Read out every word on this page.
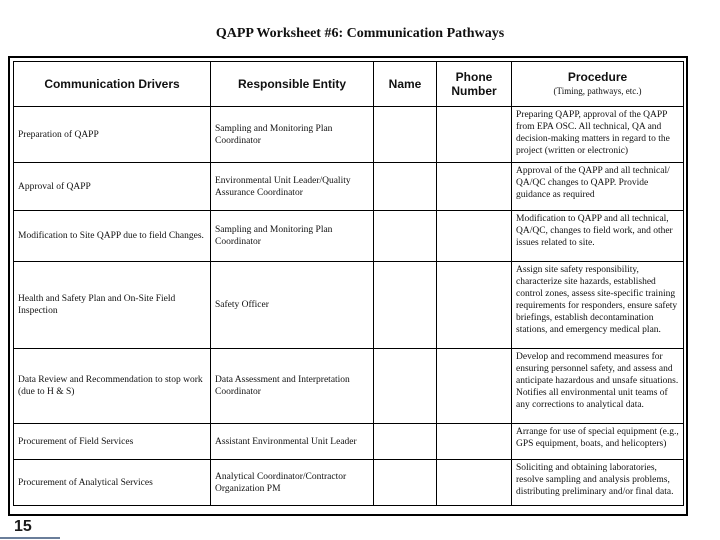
QAPP Worksheet #6: Communication Pathways
Communication Drivers	Responsible Entity	Name	Phone Number	Procedure
(Timing, pathways, etc.)

Preparation of QAPP	Sampling and Monitoring Plan Coordinator			Preparing QAPP, approval of the QAPP from EPA OSC. All technical, QA and decision-making matters in regard to the project (written or electronic)
Approval of QAPP	Environmental Unit Leader/Quality Assurance Coordinator			Approval of the QAPP and all technical/ QA/QC changes to QAPP. Provide guidance as required
Modification to Site QAPP due to field Changes.	Sampling and Monitoring Plan Coordinator			Modification to QAPP and all technical, QA/QC, changes to field work, and other issues related to site.
Health and Safety Plan and On-Site Field Inspection	Safety Officer			Assign site safety responsibility, characterize site hazards, established control zones, assess site-specific training requirements for responders, ensure safety briefings, establish decontamination stations, and emergency medical plan.
Data Review and Recommendation to stop work (due to H & S)	Data Assessment and Interpretation Coordinator			Develop and recommend measures for ensuring personnel safety, and assess and anticipate hazardous and unsafe situations. Notifies all environmental unit teams of any corrections to analytical data.
Procurement of Field Services	Assistant Environmental Unit Leader			Arrange for use of special equipment (e.g., GPS equipment, boats, and helicopters)
Procurement of Analytical Services	Analytical Coordinator/Contractor Organization PM			Soliciting and obtaining laboratories, resolve sampling and analysis problems, distributing preliminary and/or final data.
15
